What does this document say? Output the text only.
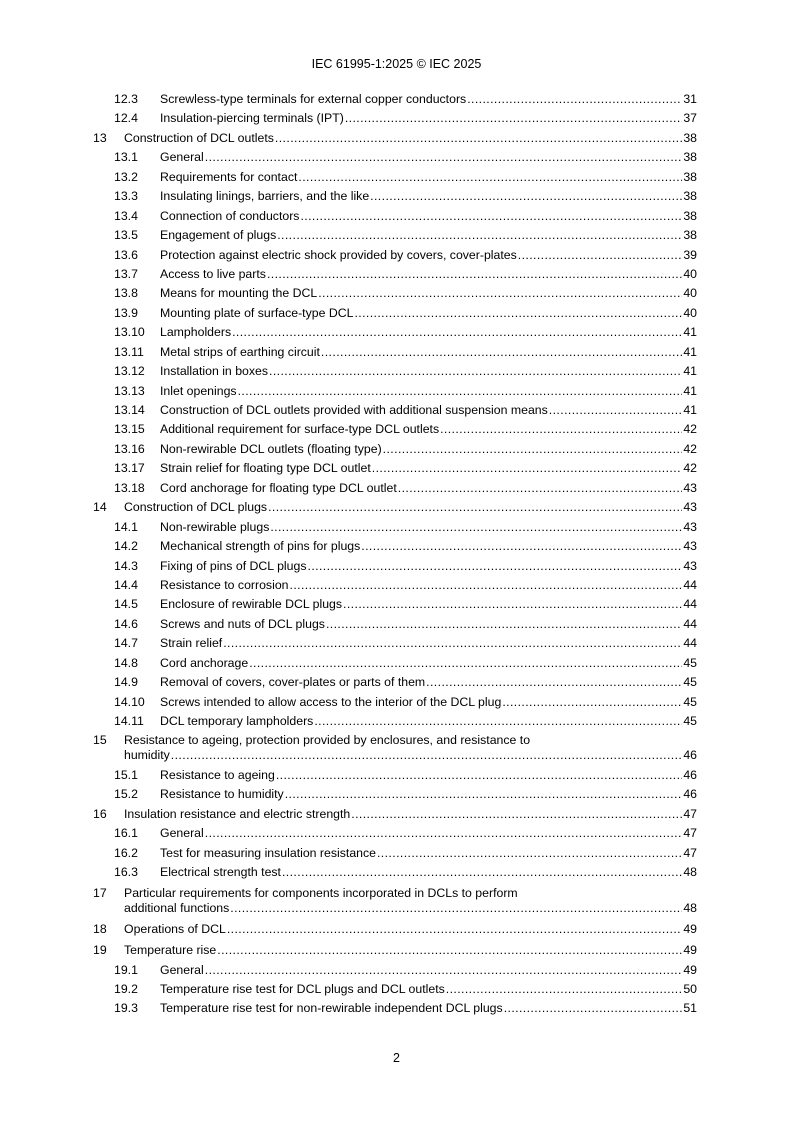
IEC 61995-1:2025 © IEC 2025
12.3 Screwless-type terminals for external copper conductors .....	31
12.4 Insulation-piercing terminals (IPT) .....	37
13 Construction of DCL outlets .....	38
13.1 General .....	38
13.2 Requirements for contact .....	38
13.3 Insulating linings, barriers, and the like .....	38
13.4 Connection of conductors .....	38
13.5 Engagement of plugs .....	38
13.6 Protection against electric shock provided by covers, cover-plates .....	39
13.7 Access to live parts .....	40
13.8 Means for mounting the DCL .....	40
13.9 Mounting plate of surface-type DCL .....	40
13.10 Lampholders .....	41
13.11 Metal strips of earthing circuit .....	41
13.12 Installation in boxes .....	41
13.13 Inlet openings .....	41
13.14 Construction of DCL outlets provided with additional suspension means .....	41
13.15 Additional requirement for surface-type DCL outlets .....	42
13.16 Non-rewirable DCL outlets (floating type) .....	42
13.17 Strain relief for floating type DCL outlet .....	42
13.18 Cord anchorage for floating type DCL outlet .....	43
14 Construction of DCL plugs .....	43
14.1 Non-rewirable plugs .....	43
14.2 Mechanical strength of pins for plugs .....	43
14.3 Fixing of pins of DCL plugs .....	43
14.4 Resistance to corrosion .....	44
14.5 Enclosure of rewirable DCL plugs .....	44
14.6 Screws and nuts of DCL plugs .....	44
14.7 Strain relief .....	44
14.8 Cord anchorage .....	45
14.9 Removal of covers, cover-plates or parts of them .....	45
14.10 Screws intended to allow access to the interior of the DCL plug .....	45
14.11 DCL temporary lampholders .....	45
15 Resistance to ageing, protection provided by enclosures, and resistance to
humidity .....	46
15.1 Resistance to ageing .....	46
15.2 Resistance to humidity .....	46
16 Insulation resistance and electric strength .....	47
16.1 General .....	47
16.2 Test for measuring insulation resistance .....	47
16.3 Electrical strength test .....	48
17 Particular requirements for components incorporated in DCLs to perform
additional functions .....	48
18 Operations of DCL .....	49
19 Temperature rise .....	49
19.1 General .....	49
19.2 Temperature rise test for DCL plugs and DCL outlets .....	50
19.3 Temperature rise test for non-rewirable independent DCL plugs .....	51
2
